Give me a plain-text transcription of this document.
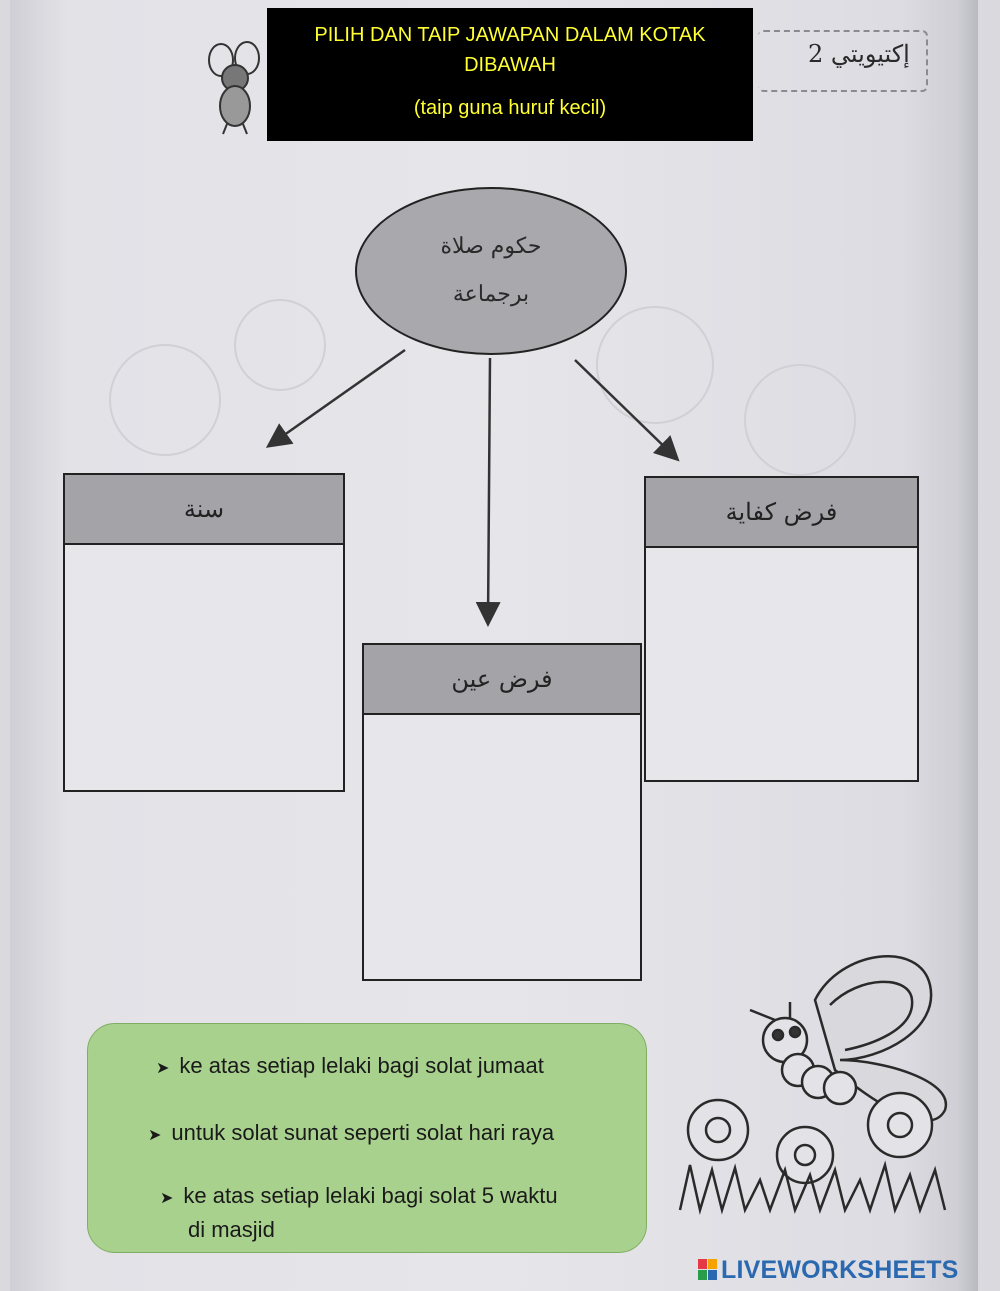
PILIH DAN TAIP JAWAPAN DALAM KOTAK
DIBAWAH
(taip guna huruf kecil)
إكتيويتي 2
حكوم صلاة
برجماعة
سنة
فرض عين
فرض كفاية
➤ ke atas setiap lelaki bagi solat jumaat
➤ untuk solat sunat seperti solat hari raya
➤ ke atas setiap lelaki bagi solat 5 waktu
di masjid
LIVEWORKSHEETS
